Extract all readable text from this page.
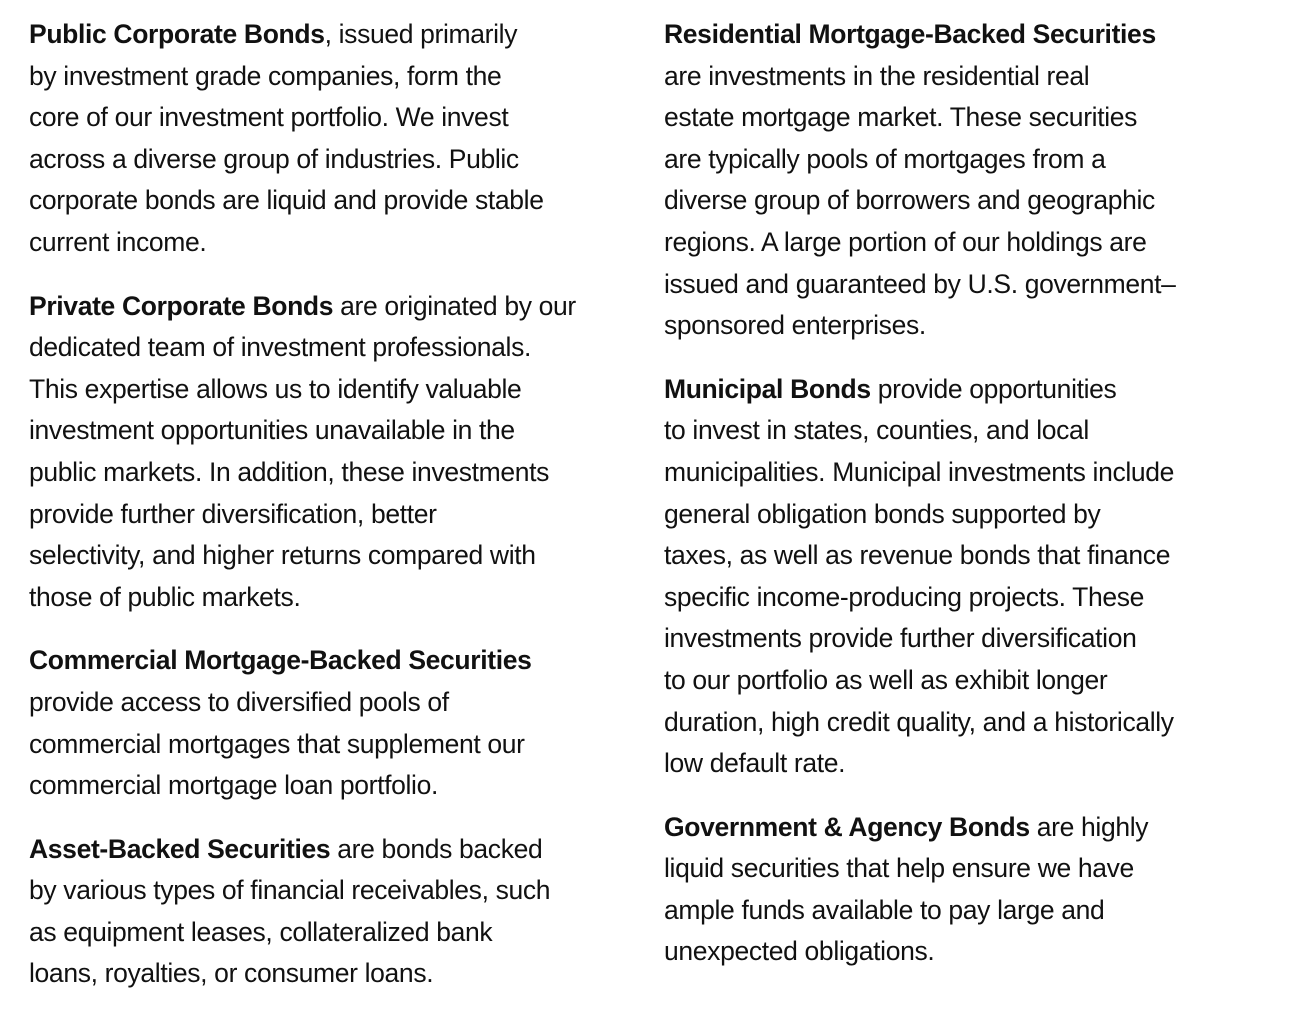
Public Corporate Bonds, issued primarily
by investment grade companies, form the
core of our investment portfolio. We invest
across a diverse group of industries. Public
corporate bonds are liquid and provide stable
current income.

Private Corporate Bonds are originated by our
dedicated team of investment professionals.
This expertise allows us to identify valuable
investment opportunities unavailable in the
public markets. In addition, these investments
provide further diversification, better
selectivity, and higher returns compared with
those of public markets.

Commercial Mortgage-Backed Securities
provide access to diversified pools of
commercial mortgages that supplement our
commercial mortgage loan portfolio.

Asset-Backed Securities are bonds backed
by various types of financial receivables, such
as equipment leases, collateralized bank
loans, royalties, or consumer loans.

Residential Mortgage-Backed Securities
are investments in the residential real
estate mortgage market. These securities
are typically pools of mortgages from a
diverse group of borrowers and geographic
regions. A large portion of our holdings are
issued and guaranteed by U.S. government–
sponsored enterprises.

Municipal Bonds provide opportunities
to invest in states, counties, and local
municipalities. Municipal investments include
general obligation bonds supported by
taxes, as well as revenue bonds that finance
specific income-producing projects. These
investments provide further diversification
to our portfolio as well as exhibit longer
duration, high credit quality, and a historically
low default rate.

Government & Agency Bonds are highly
liquid securities that help ensure we have
ample funds available to pay large and
unexpected obligations.
